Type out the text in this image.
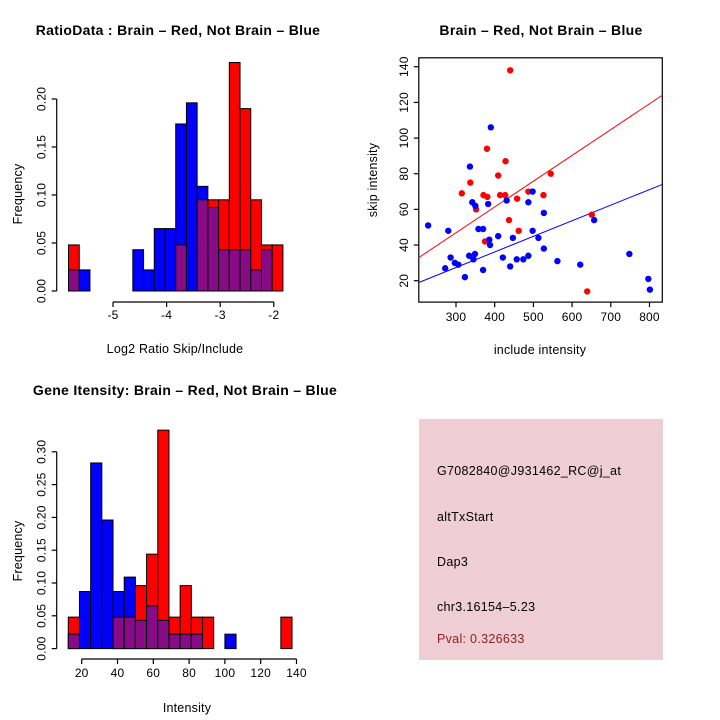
-5	-4	-3	-2
0.00
0.05
0.10
0.15
0.20
RatioData : Brain – Red, Not Brain – Blue
Log2 Ratio Skip/Include
Frequency
300 400 500 600 700 800
20
40
60
80
100
120
140
Brain – Red, Not Brain – Blue
include intensity
skip intensity
20 40 60 80 100 120 140
0.00
0.05
0.10
0.15
0.20
0.25
0.30
Gene Itensity: Brain – Red, Not Brain – Blue
Intensity
Frequency
G7082840@J931462_RC@j_at
altTxStart
Dap3
chr3.16154–5.23
Pval: 0.326633
